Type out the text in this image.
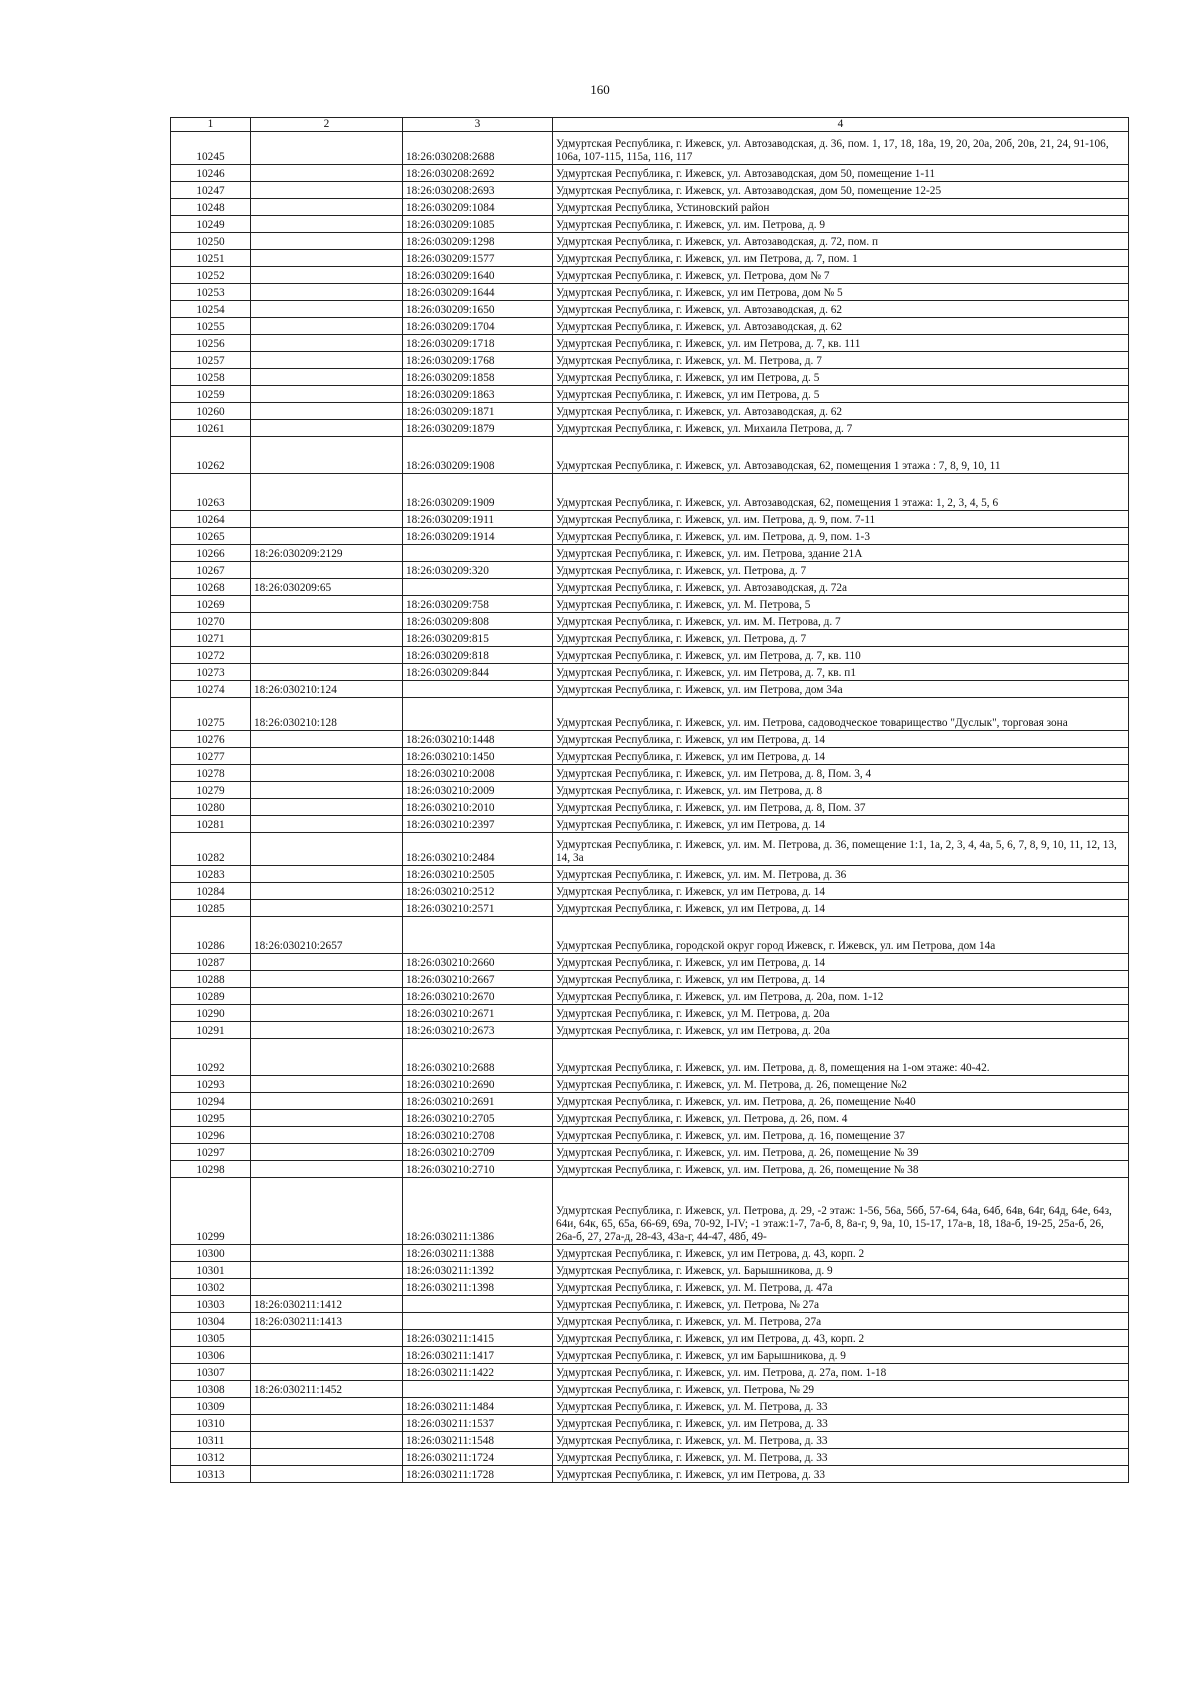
160
1	2	3	4
10245		18:26:030208:2688	Удмуртская Республика, г. Ижевск, ул. Автозаводская, д. 36, пом. 1, 17, 18, 18а, 19, 20, 20а, 20б, 20в, 21, 24, 91-106, 106а, 107-115, 115а, 116, 117
10246		18:26:030208:2692	Удмуртская Республика, г. Ижевск, ул. Автозаводская, дом 50, помещение 1-11
10247		18:26:030208:2693	Удмуртская Республика, г. Ижевск, ул. Автозаводская, дом 50, помещение 12-25
10248		18:26:030209:1084	Удмуртская Республика, Устиновский район
10249		18:26:030209:1085	Удмуртская Республика, г. Ижевск, ул. им. Петрова, д. 9
10250		18:26:030209:1298	Удмуртская Республика, г. Ижевск, ул. Автозаводская, д. 72, пом. п
10251		18:26:030209:1577	Удмуртская Республика, г. Ижевск, ул. им Петрова, д. 7, пом. 1
10252		18:26:030209:1640	Удмуртская Республика, г. Ижевск, ул. Петрова, дом № 7
10253		18:26:030209:1644	Удмуртская Республика, г. Ижевск, ул им Петрова, дом № 5
10254		18:26:030209:1650	Удмуртская Республика, г. Ижевск, ул. Автозаводская, д. 62
10255		18:26:030209:1704	Удмуртская Республика, г. Ижевск, ул. Автозаводская, д. 62
10256		18:26:030209:1718	Удмуртская Республика, г. Ижевск, ул. им Петрова, д. 7, кв. 111
10257		18:26:030209:1768	Удмуртская Республика, г. Ижевск, ул. М. Петрова, д. 7
10258		18:26:030209:1858	Удмуртская Республика, г. Ижевск, ул им Петрова, д. 5
10259		18:26:030209:1863	Удмуртская Республика, г. Ижевск, ул им Петрова, д. 5
10260		18:26:030209:1871	Удмуртская Республика, г. Ижевск, ул. Автозаводская, д. 62
10261		18:26:030209:1879	Удмуртская Республика, г. Ижевск, ул. Михаила Петрова, д. 7
10262		18:26:030209:1908	Удмуртская Республика, г. Ижевск, ул. Автозаводская, 62, помещения 1 этажа : 7, 8, 9, 10, 11
10263		18:26:030209:1909	Удмуртская Республика, г. Ижевск, ул. Автозаводская, 62, помещения 1 этажа: 1, 2, 3, 4, 5, 6
10264		18:26:030209:1911	Удмуртская Республика, г. Ижевск, ул. им. Петрова, д. 9, пом. 7-11
10265		18:26:030209:1914	Удмуртская Республика, г. Ижевск, ул. им. Петрова, д. 9, пом. 1-3
10266	18:26:030209:2129		Удмуртская Республика, г. Ижевск, ул. им. Петрова, здание 21А
10267		18:26:030209:320	Удмуртская Республика, г. Ижевск, ул. Петрова, д. 7
10268	18:26:030209:65		Удмуртская Республика, г. Ижевск, ул. Автозаводская, д. 72а
10269		18:26:030209:758	Удмуртская Республика, г. Ижевск, ул. М. Петрова, 5
10270		18:26:030209:808	Удмуртская Республика, г. Ижевск, ул. им. М. Петрова, д. 7
10271		18:26:030209:815	Удмуртская Республика, г. Ижевск, ул. Петрова, д. 7
10272		18:26:030209:818	Удмуртская Республика, г. Ижевск, ул. им Петрова, д. 7, кв. 110
10273		18:26:030209:844	Удмуртская Республика, г. Ижевск, ул. им Петрова, д. 7, кв. п1
10274	18:26:030210:124		Удмуртская Республика, г. Ижевск, ул. им Петрова, дом 34а
10275	18:26:030210:128		Удмуртская Республика, г. Ижевск, ул. им. Петрова, садоводческое товарищество "Дуслык", торговая зона
10276		18:26:030210:1448	Удмуртская Республика, г. Ижевск, ул им Петрова, д. 14
10277		18:26:030210:1450	Удмуртская Республика, г. Ижевск, ул им Петрова, д. 14
10278		18:26:030210:2008	Удмуртская Республика, г. Ижевск, ул. им Петрова, д. 8, Пом. 3, 4
10279		18:26:030210:2009	Удмуртская Республика, г. Ижевск, ул. им Петрова, д. 8
10280		18:26:030210:2010	Удмуртская Республика, г. Ижевск, ул. им Петрова, д. 8, Пом. 37
10281		18:26:030210:2397	Удмуртская Республика, г. Ижевск, ул им Петрова, д. 14
10282		18:26:030210:2484	Удмуртская Республика, г. Ижевск, ул. им. М. Петрова, д. 36, помещение 1:1, 1а, 2, 3, 4, 4а, 5, 6, 7, 8, 9, 10, 11, 12, 13, 14, 3а
10283		18:26:030210:2505	Удмуртская Республика, г. Ижевск, ул. им. М. Петрова, д. 36
10284		18:26:030210:2512	Удмуртская Республика, г. Ижевск, ул им Петрова, д. 14
10285		18:26:030210:2571	Удмуртская Республика, г. Ижевск, ул им Петрова, д. 14
10286	18:26:030210:2657		Удмуртская Республика, городской округ город Ижевск, г. Ижевск, ул. им Петрова, дом 14а
10287		18:26:030210:2660	Удмуртская Республика, г. Ижевск, ул им Петрова, д. 14
10288		18:26:030210:2667	Удмуртская Республика, г. Ижевск, ул им Петрова, д. 14
10289		18:26:030210:2670	Удмуртская Республика, г. Ижевск, ул. им Петрова, д. 20а, пом. 1-12
10290		18:26:030210:2671	Удмуртская Республика, г. Ижевск, ул М. Петрова, д. 20а
10291		18:26:030210:2673	Удмуртская Республика, г. Ижевск, ул им Петрова, д. 20а
10292		18:26:030210:2688	Удмуртская Республика, г. Ижевск, ул. им. Петрова, д. 8, помещения на 1-ом этаже: 40-42.
10293		18:26:030210:2690	Удмуртская Республика, г. Ижевск, ул. М. Петрова, д. 26, помещение №2
10294		18:26:030210:2691	Удмуртская Республика, г. Ижевск, ул. им. Петрова, д. 26, помещение №40
10295		18:26:030210:2705	Удмуртская Республика, г. Ижевск, ул. Петрова, д. 26, пом. 4
10296		18:26:030210:2708	Удмуртская Республика, г. Ижевск, ул. им. Петрова, д. 16, помещение 37
10297		18:26:030210:2709	Удмуртская Республика, г. Ижевск, ул. им. Петрова, д. 26, помещение № 39
10298		18:26:030210:2710	Удмуртская Республика, г. Ижевск, ул. им. Петрова, д. 26, помещение № 38
10299		18:26:030211:1386	Удмуртская Республика, г. Ижевск, ул. Петрова, д. 29, -2 этаж: 1-56, 56а, 56б, 57-64, 64а, 64б, 64в, 64г, 64д, 64е, 64з, 64и, 64к, 65, 65а, 66-69, 69а, 70-92, I-IV; -1 этаж:1-7, 7а-б, 8, 8а-г, 9, 9а, 10, 15-17, 17а-в, 18, 18а-б, 19-25, 25а-б, 26, 26а-б, 27, 27а-д, 28-43, 43а-г, 44-47, 48б, 49-
10300		18:26:030211:1388	Удмуртская Республика, г. Ижевск, ул им Петрова, д. 43, корп. 2
10301		18:26:030211:1392	Удмуртская Республика, г. Ижевск, ул. Барышникова, д. 9
10302		18:26:030211:1398	Удмуртская Республика, г. Ижевск, ул. М. Петрова, д. 47а
10303	18:26:030211:1412		Удмуртская Республика, г. Ижевск, ул. Петрова, № 27а
10304	18:26:030211:1413		Удмуртская Республика, г. Ижевск, ул. М. Петрова, 27а
10305		18:26:030211:1415	Удмуртская Республика, г. Ижевск, ул им Петрова, д. 43, корп. 2
10306		18:26:030211:1417	Удмуртская Республика, г. Ижевск, ул им Барышникова, д. 9
10307		18:26:030211:1422	Удмуртская Республика, г. Ижевск, ул. им. Петрова, д. 27а, пом. 1-18
10308	18:26:030211:1452		Удмуртская Республика, г. Ижевск, ул. Петрова, № 29
10309		18:26:030211:1484	Удмуртская Республика, г. Ижевск, ул. М. Петрова, д. 33
10310		18:26:030211:1537	Удмуртская Республика, г. Ижевск, ул. им Петрова, д. 33
10311		18:26:030211:1548	Удмуртская Республика, г. Ижевск, ул. М. Петрова, д. 33
10312		18:26:030211:1724	Удмуртская Республика, г. Ижевск, ул. М. Петрова, д. 33
10313		18:26:030211:1728	Удмуртская Республика, г. Ижевск, ул им Петрова, д. 33
